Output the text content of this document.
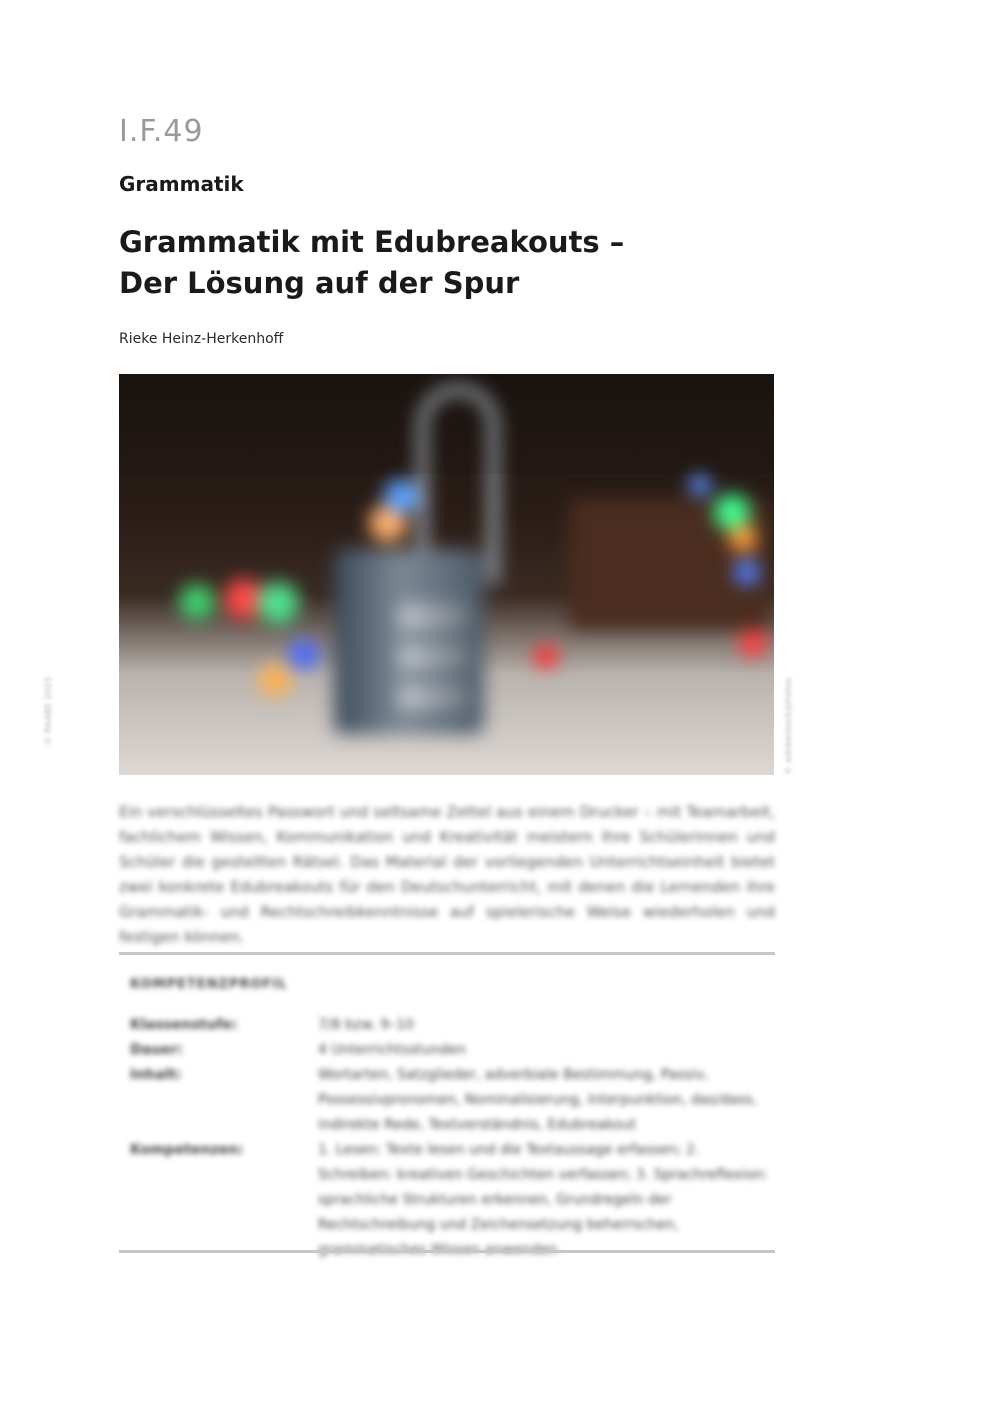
I.F.49
Grammatik
Grammatik mit Edubreakouts –
Der Lösung auf der Spur
Rieke Heinz-Herkenhoff
© RAABE 2023	© adobestock/photos
Ein verschlüsseltes Passwort und seltsame Zettel aus einem Drucker – mit Teamarbeit, fachlichem Wissen, Kommunikation und Kreativität meistern Ihre Schülerinnen und Schüler die gestellten Rätsel. Das Material der vorliegenden Unterrichtseinheit bietet zwei konkrete Edubreakouts für den Deutschunterricht, mit denen die Lernenden ihre Grammatik- und Rechtschreibkenntnisse auf spielerische Weise wiederholen und festigen können.
KOMPETENZPROFIL
Klassenstufe:	7/8 bzw. 9–10
Dauer:	4 Unterrichtsstunden
Inhalt:	Wortarten, Satzglieder, adverbiale Bestimmung, Passiv, Possessivpronomen, Nominalisierung, Interpunktion, das/dass, indirekte Rede, Textverständnis, Edubreakout
Kompetenzen:	1. Lesen: Texte lesen und die Textaussage erfassen; 2. Schreiben: kreativen Geschichten verfassen; 3. Sprachreflexion: sprachliche Strukturen erkennen, Grundregeln der Rechtschreibung und Zeichensetzung beherrschen,
